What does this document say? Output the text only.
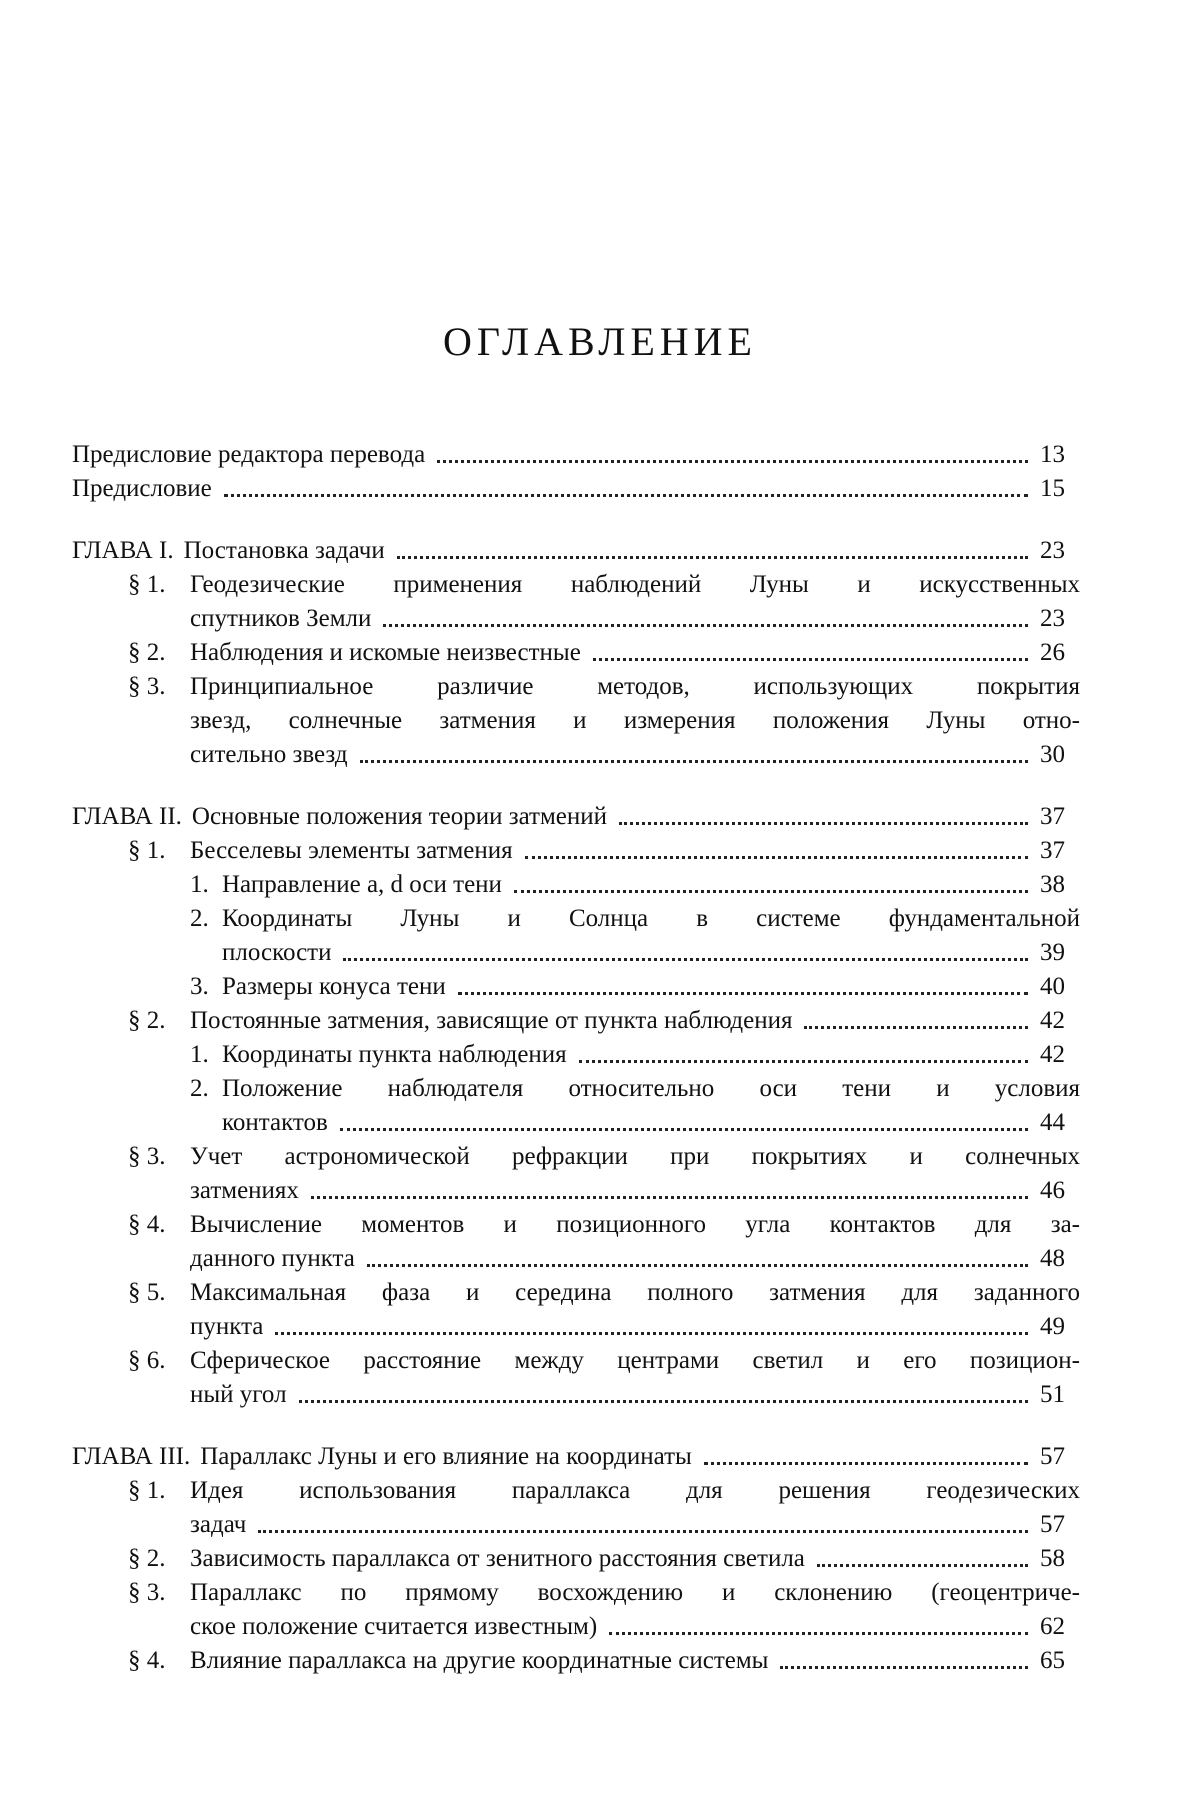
ОГЛАВЛЕНИЕ
Предисловие редактора перевода	13
Предисловие	15
ГЛАВА I. Постановка задачи	23
§ 1. Геодезические применения наблюдений Луны и искусственных
спутников Земли	23
§ 2. Наблюдения и искомые неизвестные	26
§ 3. Принципиальное различие методов, использующих покрытия
звезд, солнечные затмения и измерения положения Луны отно-
сительно звезд	30
ГЛАВА II. Основные положения теории затмений	37
§ 1. Бесселевы элементы затмения	37
1. Направление a, d оси тени	38
2. Координаты Луны и Солнца в системе фундаментальной
плоскости	39
3. Размеры конуса тени	40
§ 2. Постоянные затмения, зависящие от пункта наблюдения	42
1. Координаты пункта наблюдения	42
2. Положение наблюдателя относительно оси тени и условия
контактов	44
§ 3. Учет астрономической рефракции при покрытиях и солнечных
затмениях	46
§ 4. Вычисление моментов и позиционного угла контактов для за-
данного пункта	48
§ 5. Максимальная фаза и середина полного затмения для заданного
пункта	49
§ 6. Сферическое расстояние между центрами светил и его позицион-
ный угол	51
ГЛАВА III. Параллакс Луны и его влияние на координаты	57
§ 1. Идея использования параллакса для решения геодезических
задач	57
§ 2. Зависимость параллакса от зенитного расстояния светила	58
§ 3. Параллакс по прямому восхождению и склонению (геоцентриче-
ское положение считается известным)	62
§ 4. Влияние параллакса на другие координатные системы	65
